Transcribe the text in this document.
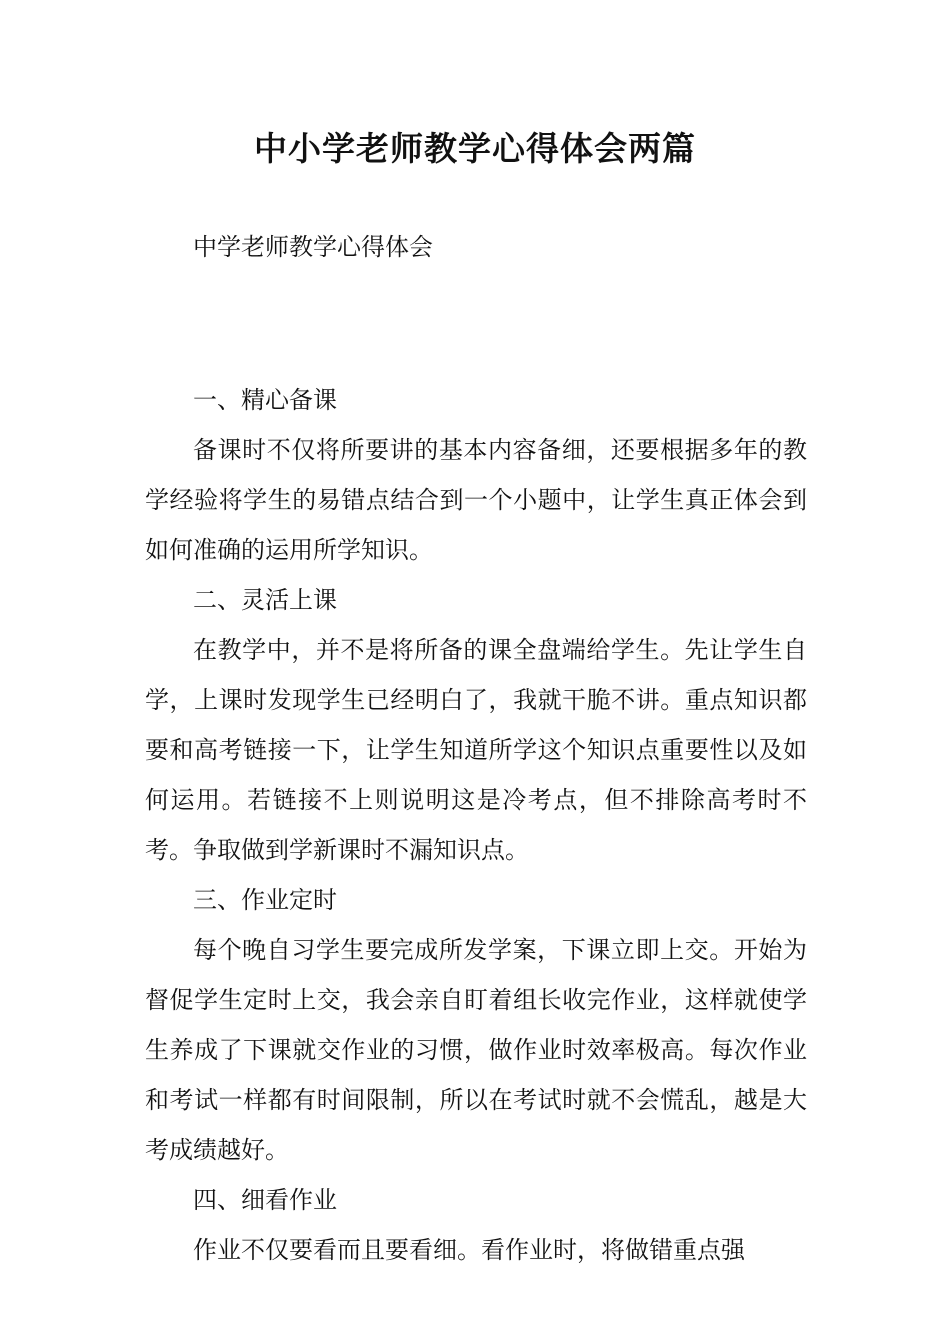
中小学老师教学心得体会两篇

中学老师教学心得体会

一、精心备课

备课时不仅将所要讲的基本内容备细，还要根据多年的教学经验将学生的易错点结合到一个小题中，让学生真正体会到如何准确的运用所学知识。

二、灵活上课

在教学中，并不是将所备的课全盘端给学生。先让学生自学，上课时发现学生已经明白了，我就干脆不讲。重点知识都要和高考链接一下，让学生知道所学这个知识点重要性以及如何运用。若链接不上则说明这是冷考点，但不排除高考时不考。争取做到学新课时不漏知识点。

三、作业定时

每个晚自习学生要完成所发学案，下课立即上交。开始为督促学生定时上交，我会亲自盯着组长收完作业，这样就使学生养成了下课就交作业的习惯，做作业时效率极高。每次作业和考试一样都有时间限制，所以在考试时就不会慌乱，越是大考成绩越好。

四、细看作业

作业不仅要看而且要看细。看作业时，将做错重点强
